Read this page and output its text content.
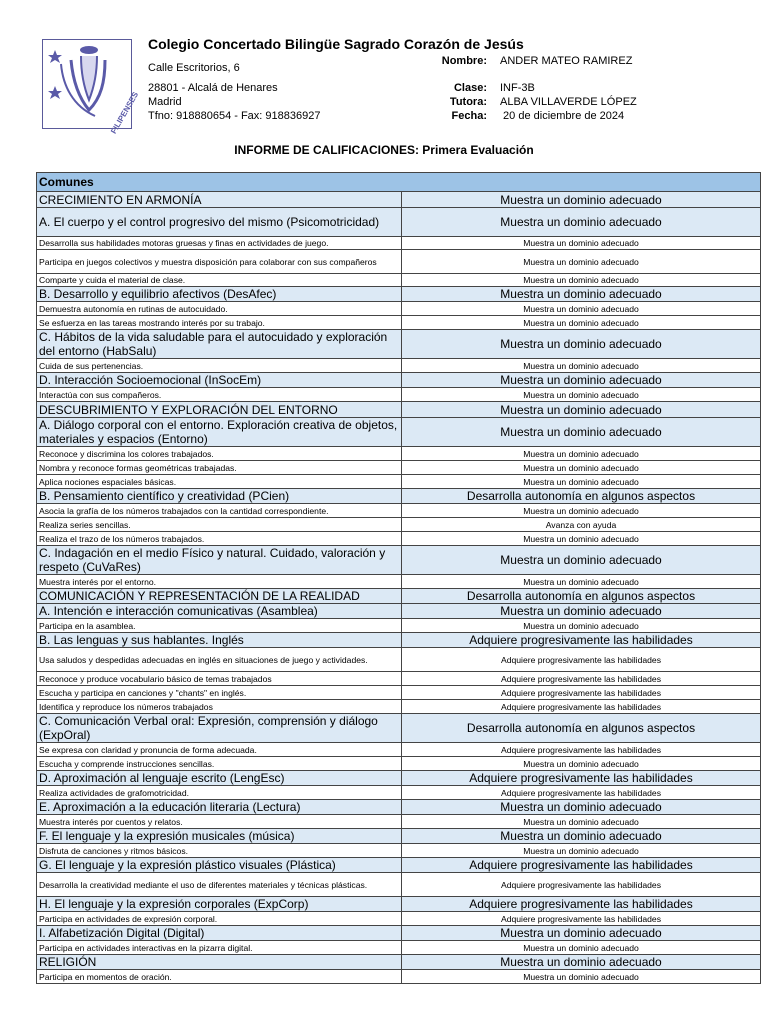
FILIPENSES
Colegio Concertado Bilingüe Sagrado Corazón de Jesús
Calle Escritorios, 6
28801 - Alcalá de Henares
Madrid
Tfno: 918880654 - Fax: 918836927
Nombre: ANDER MATEO RAMIREZ
Clase: INF-3B
Tutora: ALBA VILLAVERDE LÓPEZ
Fecha: 20 de diciembre de 2024
INFORME DE CALIFICACIONES: Primera Evaluación
Comunes	
CRECIMIENTO EN ARMONÍA	Muestra un dominio adecuado
A. El cuerpo y el control progresivo del mismo (Psicomotricidad)	Muestra un dominio adecuado
Desarrolla sus habilidades motoras gruesas y finas en actividades de juego.	Muestra un dominio adecuado
Participa en juegos colectivos y muestra disposición para colaborar con sus compañeros	Muestra un dominio adecuado
Comparte y cuida el material de clase.	Muestra un dominio adecuado
B. Desarrollo y equilibrio afectivos (DesAfec)	Muestra un dominio adecuado
Demuestra autonomía en rutinas de autocuidado.	Muestra un dominio adecuado
Se esfuerza en las tareas mostrando interés por su trabajo.	Muestra un dominio adecuado
C. Hábitos de la vida saludable para el autocuidado y exploración del entorno (HabSalu)	Muestra un dominio adecuado
Cuida de sus pertenencias.	Muestra un dominio adecuado
D. Interacción Socioemocional (InSocEm)	Muestra un dominio adecuado
Interactúa con sus compañeros.	Muestra un dominio adecuado
DESCUBRIMIENTO Y EXPLORACIÓN DEL ENTORNO	Muestra un dominio adecuado
A. Diálogo corporal con el entorno. Exploración creativa de objetos, materiales y espacios (Entorno)	Muestra un dominio adecuado
Reconoce y discrimina los colores trabajados.	Muestra un dominio adecuado
Nombra y reconoce formas geométricas trabajadas.	Muestra un dominio adecuado
Aplica nociones espaciales básicas.	Muestra un dominio adecuado
B. Pensamiento científico y creatividad (PCien)	Desarrolla autonomía en algunos aspectos
Asocia la grafía de los números trabajados con la cantidad correspondiente.	Muestra un dominio adecuado
Realiza series sencillas.	Avanza con ayuda
Realiza el trazo de los números trabajados.	Muestra un dominio adecuado
C. Indagación en el medio Físico y natural. Cuidado, valoración y respeto (CuVaRes)	Muestra un dominio adecuado
Muestra interés por el entorno.	Muestra un dominio adecuado
COMUNICACIÓN Y REPRESENTACIÓN DE LA REALIDAD	Desarrolla autonomía en algunos aspectos
A. Intención e interacción comunicativas (Asamblea)	Muestra un dominio adecuado
Participa en la asamblea.	Muestra un dominio adecuado
B. Las lenguas y sus hablantes. Inglés	Adquiere progresivamente las habilidades
Usa saludos y despedidas adecuadas en inglés en situaciones de juego y actividades.	Adquiere progresivamente las habilidades
Reconoce y produce vocabulario básico de temas trabajados	Adquiere progresivamente las habilidades
Escucha y participa en canciones y "chants" en inglés.	Adquiere progresivamente las habilidades
Identifica y reproduce los números trabajados	Adquiere progresivamente las habilidades
C. Comunicación Verbal oral: Expresión, comprensión y diálogo (ExpOral)	Desarrolla autonomía en algunos aspectos
Se expresa con claridad y pronuncia de forma adecuada.	Adquiere progresivamente las habilidades
Escucha y comprende instrucciones sencillas.	Muestra un dominio adecuado
D. Aproximación al lenguaje escrito (LengEsc)	Adquiere progresivamente las habilidades
Realiza actividades de grafomotricidad.	Adquiere progresivamente las habilidades
E. Aproximación a la educación literaria (Lectura)	Muestra un dominio adecuado
Muestra interés por cuentos y relatos.	Muestra un dominio adecuado
F. El lenguaje y la expresión musicales (música)	Muestra un dominio adecuado
Disfruta de canciones y ritmos básicos.	Muestra un dominio adecuado
G. El lenguaje y la expresión plástico visuales (Plástica)	Adquiere progresivamente las habilidades
Desarrolla la creatividad mediante el uso de diferentes materiales y técnicas plásticas.	Adquiere progresivamente las habilidades
H. El lenguaje y la expresión corporales (ExpCorp)	Adquiere progresivamente las habilidades
Participa en actividades de expresión corporal.	Adquiere progresivamente las habilidades
I. Alfabetización Digital (Digital)	Muestra un dominio adecuado
Participa en actividades interactivas en la pizarra digital.	Muestra un dominio adecuado
RELIGIÓN	Muestra un dominio adecuado
Participa en momentos de oración.	Muestra un dominio adecuado
